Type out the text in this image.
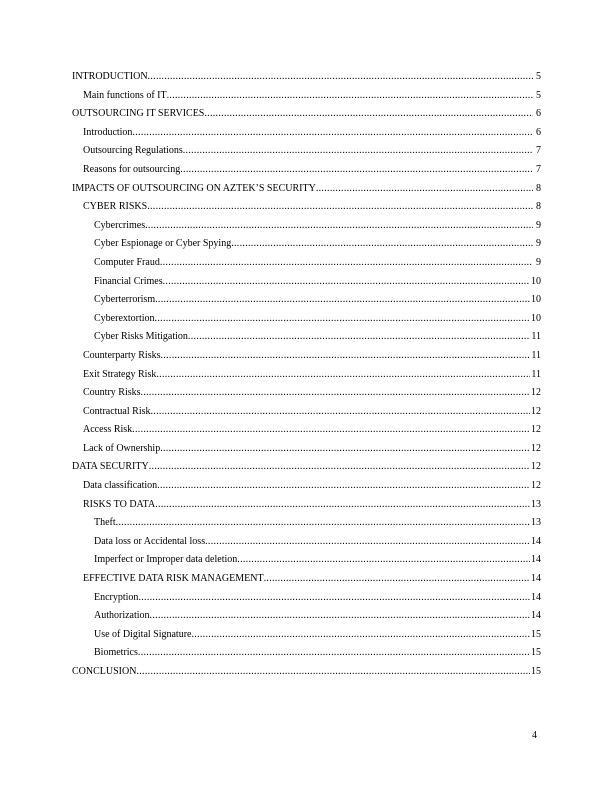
INTRODUCTION .....	5
Main functions of IT .....	5
OUTSOURCING IT SERVICES .....	6
Introduction .....	6
Outsourcing Regulations .....	7
Reasons for outsourcing .....	7
IMPACTS OF OUTSOURCING ON AZTEK’S SECURITY .....	8
CYBER RISKS .....	8
Cybercrimes .....	9
Cyber Espionage or Cyber Spying .....	9
Computer Fraud .....	9
Financial Crimes .....	10
Cyberterrorism .....	10
Cyberextortion .....	10
Cyber Risks Mitigation .....	11
Counterparty Risks .....	11
Exit Strategy Risk .....	11
Country Risks .....	12
Contractual Risk .....	12
Access Risk .....	12
Lack of Ownership .....	12
DATA SECURITY .....	12
Data classification .....	12
RISKS TO DATA .....	13
Theft .....	13
Data loss or Accidental loss .....	14
Imperfect or Improper data deletion .....	14
EFFECTIVE DATA RISK MANAGEMENT .....	14
Encryption .....	14
Authorization .....	14
Use of Digital Signature .....	15
Biometrics .....	15
CONCLUSION .....	15
4
